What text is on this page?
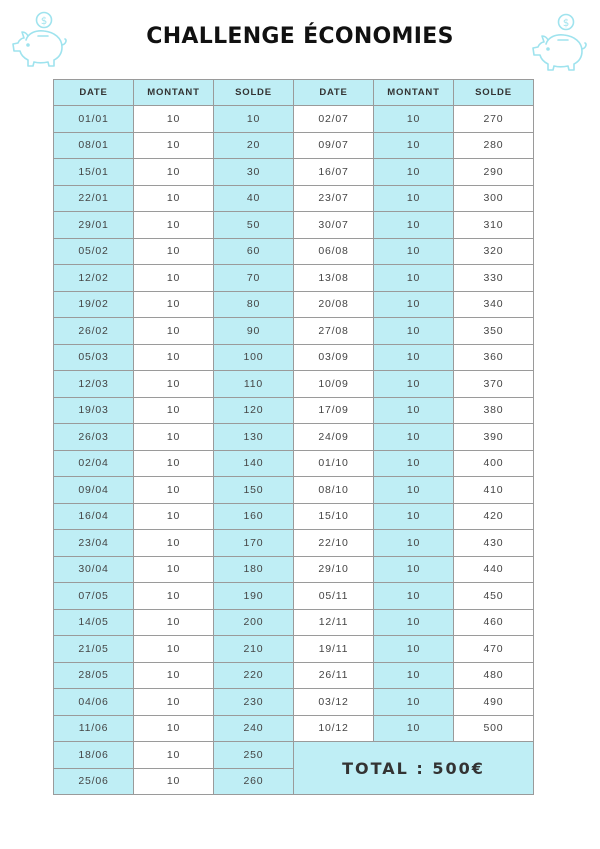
$	$
CHALLENGE ÉCONOMIES
DATE	MONTANT	SOLDE	DATE	MONTANT	SOLDE
01/01	10	10	02/07	10	270
08/01	10	20	09/07	10	280
15/01	10	30	16/07	10	290
22/01	10	40	23/07	10	300
29/01	10	50	30/07	10	310
05/02	10	60	06/08	10	320
12/02	10	70	13/08	10	330
19/02	10	80	20/08	10	340
26/02	10	90	27/08	10	350
05/03	10	100	03/09	10	360
12/03	10	110	10/09	10	370
19/03	10	120	17/09	10	380
26/03	10	130	24/09	10	390
02/04	10	140	01/10	10	400
09/04	10	150	08/10	10	410
16/04	10	160	15/10	10	420
23/04	10	170	22/10	10	430
30/04	10	180	29/10	10	440
07/05	10	190	05/11	10	450
14/05	10	200	12/11	10	460
21/05	10	210	19/11	10	470
28/05	10	220	26/11	10	480
04/06	10	230	03/12	10	490
11/06	10	240	10/12	10	500
18/06	10	250	TOTAL : 500€		
25/06	10	260			
